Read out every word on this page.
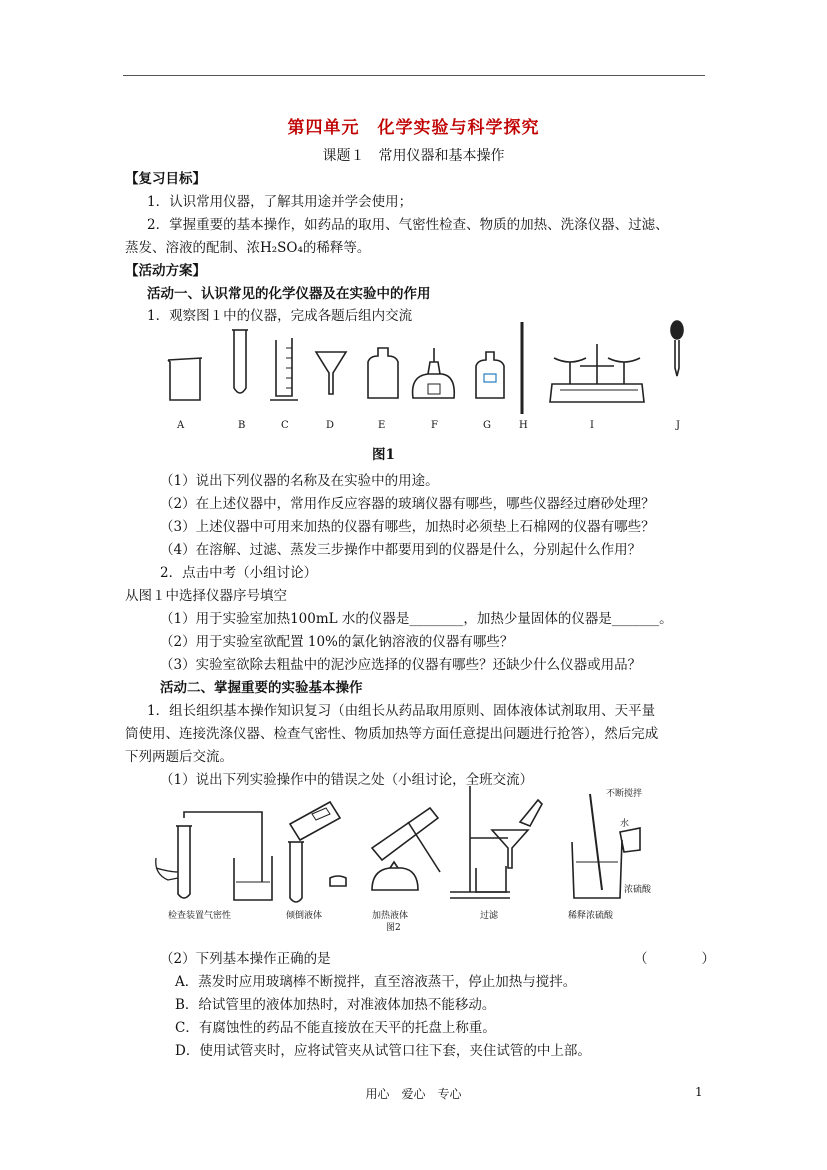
第四单元　化学实验与科学探究
课题１　常用仪器和基本操作
【复习目标】
1．认识常用仪器，了解其用途并学会使用；
2．掌握重要的基本操作，如药品的取用、气密性检查、物质的加热、洗涤仪器、过滤、
蒸发、溶液的配制、浓H₂SO₄的稀释等。
【活动方案】
活动一、认识常见的化学仪器及在实验中的作用
1．观察图１中的仪器，完成各题后组内交流
A	B	C	D	E	F	G	H	I	J
图1
（1）说出下列仪器的名称及在实验中的用途。
（2）在上述仪器中，常用作反应容器的玻璃仪器有哪些，哪些仪器经过磨砂处理？
（3）上述仪器中可用来加热的仪器有哪些，加热时必须垫上石棉网的仪器有哪些？
（4）在溶解、过滤、蒸发三步操作中都要用到的仪器是什么，分别起什么作用？
2．点击中考（小组讨论）
从图１中选择仪器序号填空
（1）用于实验室加热100mL 水的仪器是________，加热少量固体的仪器是_______。
（2）用于实验室欲配置 10%的氯化钠溶液的仪器有哪些？
（3）实验室欲除去粗盐中的泥沙应选择的仪器有哪些？还缺少什么仪器或用品？
活动二、掌握重要的实验基本操作
1．组长组织基本操作知识复习（由组长从药品取用原则、固体液体试剂取用、天平量
筒使用、连接洗涤仪器、检查气密性、物质加热等方面任意提出问题进行抢答），然后完成
下列两题后交流。
（1）说出下列实验操作中的错误之处（小组讨论，全班交流）
检查装置气密性	倾倒液体	加热液体	过滤	稀释浓硫酸
不断搅拌
水
浓硫酸
图2
（2）下列基本操作正确的是	（　　　　）
A．蒸发时应用玻璃棒不断搅拌，直至溶液蒸干，停止加热与搅拌。
B．给试管里的液体加热时，对准液体加热不能移动。
C．有腐蚀性的药品不能直接放在天平的托盘上称重。
D．使用试管夹时，应将试管夹从试管口往下套，夹住试管的中上部。
用心　爱心　专心	1
